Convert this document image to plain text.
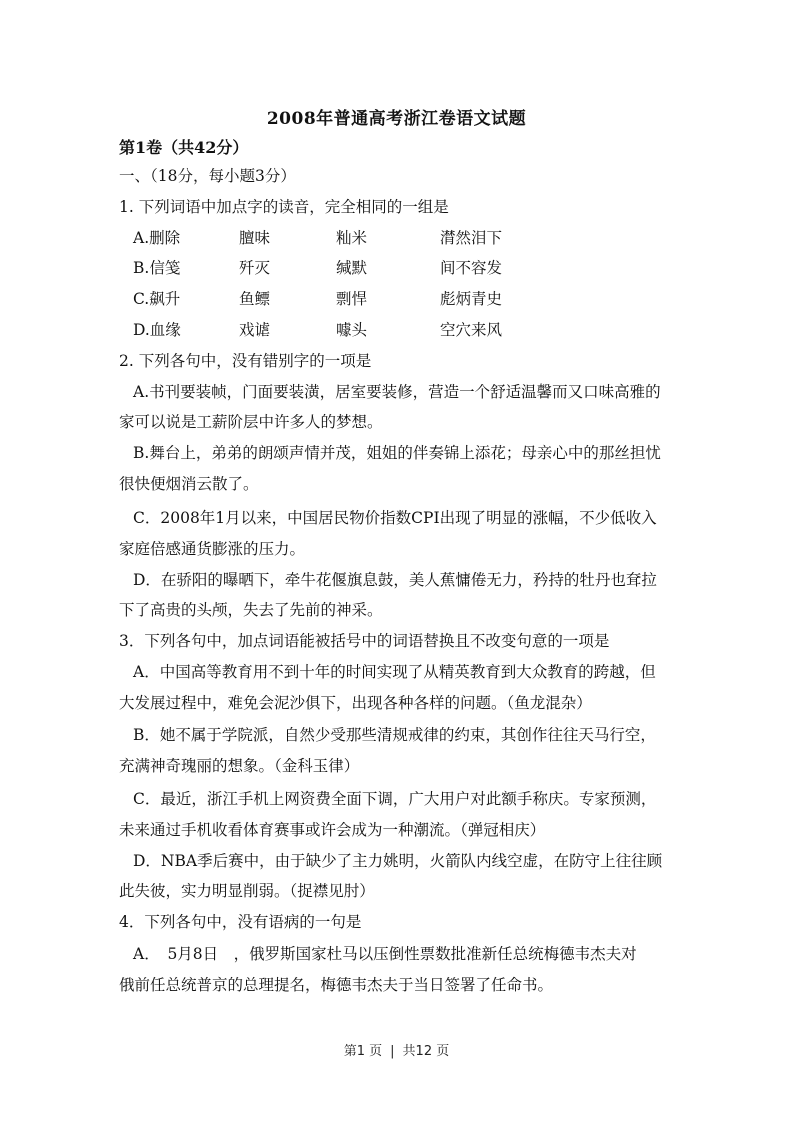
2008年普通高考浙江卷语文试题
第1卷（共42分）
一、（18分，每小题3分）
1. 下列词语中加点字的读音，完全相同的一组是
A.删除	膻味	籼米	潸然泪下
B.信笺	歼灭	缄默	间不容发
C.飙升	鱼鳔	剽悍	彪炳青史
D.血缘	戏谑	噱头	空穴来风
2. 下列各句中，没有错别字的一项是
A.书刊要装帧，门面要装潢，居室要装修，营造一个舒适温馨而又口味高雅的
家可以说是工薪阶层中许多人的梦想。
B.舞台上，弟弟的朗颂声情并茂，姐姐的伴奏锦上添花；母亲心中的那丝担忧
很快便烟消云散了。
C．2008年1月以来，中国居民物价指数CPI出现了明显的涨幅，不少低收入
家庭倍感通货膨涨的压力。
D．在骄阳的曝晒下，牵牛花偃旗息鼓，美人蕉慵倦无力，矜持的牡丹也耷拉
下了高贵的头颅，失去了先前的神采。
3．下列各句中，加点词语能被括号中的词语替换且不改变句意的一项是
A．中国高等教育用不到十年的时间实现了从精英教育到大众教育的跨越，但
大发展过程中，难免会泥沙俱下，出现各种各样的问题。（鱼龙混杂）
B．她不属于学院派，自然少受那些清规戒律的约束，其创作往往天马行空，
充满神奇瑰丽的想象。（金科玉律）
C．最近，浙江手机上网资费全面下调，广大用户对此额手称庆。专家预测，
未来通过手机收看体育赛事或许会成为一种潮流。（弹冠相庆）
D．NBA季后赛中，由于缺少了主力姚明，火箭队内线空虚，在防守上往往顾
此失彼，实力明显削弱。（捉襟见肘）
4．下列各句中，没有语病的一句是
A．　5月8日　，俄罗斯国家杜马以压倒性票数批准新任总统梅德韦杰夫对
俄前任总统普京的总理提名，梅德韦杰夫于当日签署了任命书。
第1 页 | 共12 页
